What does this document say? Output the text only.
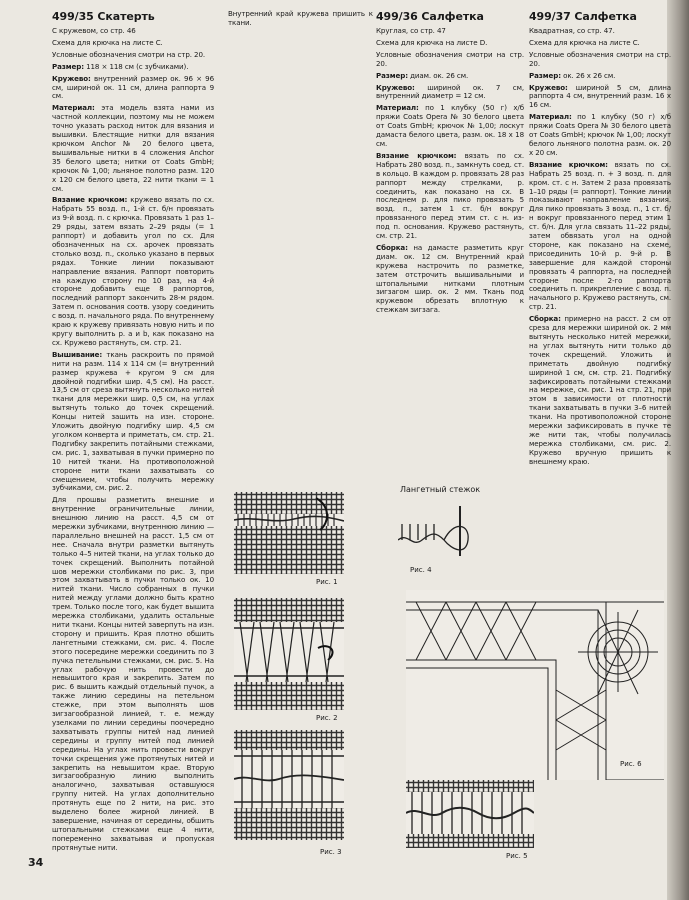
499/35 Скатерть

С кружевом, со стр. 46

Схема для крючка на листе С.

Условные обозначения смотри на стр. 20.

Размер: 118 × 118 см (с зубчиками).

Кружево: внутренний размер ок. 96 × 96 см, шириной ок. 11 см, длина раппорта 9 см.

Материал: эта модель взята нами из частной коллекции, поэтому мы не можем точно указать расход ниток для вязания и вышивки. Блестящие нитки для вязания крючком Anchor № 20 белого цвета, вышивальные нитки в 4 сложения Anchor 35 белого цвета; нитки от Coats GmbH; крючок № 1,00; льняное полотно разм. 120 х 120 см белого цвета, 22 нити ткани = 1 см.

Вязание крючком: кружево вязать по сх. Набрать 55 возд. п., 1-й ст. б/н провязать из 9-й возд. п. с крючка. Провязать 1 раз 1–29 ряды, затем вязать 2–29 ряды (= 1 раппорт) и добавить угол по сх. Для обозначенных на сх. арочек провязать столько возд. п., сколько указано в первых рядах. Тонкие линии показывают направление вязания. Раппорт повторить на каждую сторону по 10 раз, на 4-й стороне добавить еще 8 раппортов, последний раппорт закончить 28-м рядом. Затем п. основания соотв. узору соединить с возд. п. начального ряда. По внутреннему краю к кружеву привязать новую нить и по кругу выполнить р. а и b, как показано на сх. Кружево растянуть, см. стр. 21.

Вышивание: ткань раскроить по прямой нити на разм. 114 х 114 см (= внутренний размер кружева + кругом 9 см для двойной подгибки шир. 4,5 см). На расст. 13,5 см от среза вытянуть несколько нитей ткани для мережки шир. 0,5 см, на углах вытянуть только до точек скрещений. Концы нитей зашить на изн. стороне. Уложить двойную подгибку шир. 4,5 см уголком конверта и приметать, см. стр. 21. Подгибку закрепить потайными стежками, см. рис. 1, захватывая в пучки примерно по 10 нитей ткани. На противоположной стороне нити ткани захватывать со смещением, чтобы получить мережку зубчиками, см. рис. 2.

Для прошвы разметить внешние и внутренние ограничительные линии, внешнюю линию на расст. 4,5 см от мережки зубчиками, внутреннюю линию — параллельно внешней на расст. 1,5 см от нее. Сначала внутри разметки вытянуть только 4–5 нитей ткани, на углах только до точек скрещений. Выполнить потайной шов мережки столбиками по рис. 3, при этом захватывать в пучки только ок. 10 нитей ткани. Число собранных в пучки нитей между углами должно быть кратно трем. Только после того, как будет вышита мережка столбиками, удалить остальные нити ткани. Концы нитей заверпуть на изн. сторону и пришить. Края плотно обшить лангетными стежками, см. рис. 4. После этого посередине мережки соединить по 3 пучка петельными стежками, см. рис. 5. На углах рабочую нить провести до невышитого края и закрепить. Затем по рис. 6 вышить каждый отдельный пучок, а также линию середины на петельном стежке, при этом выполнять шов зигзагообразной линией, т. е. между узелками по линии середины поочередно захватывать группы нитей над линией середины и группу нитей под линией середины. На углах нить провести вокруг точки скрещения уже протянутых нитей и закрепить на невышитом крае. Вторую зигзагообразную линию выполнить аналогично, захватывая оставшуюся группу нитей. На углах дополнительно протянуть еще по 2 нити, на рис. это выделено более жирной линией. В завершение, начиная от середины, обшить штопальными стежками еще 4 нити, попеременно захватывая и пропуская протянутые нити.

Внутренний край кружева пришить к ткани.	499/36 Салфетка

Круглая, со стр. 47

Схема для крючка на листе D.

Условные обозначения смотри на стр. 20.

Размер: диам. ок. 26 см.

Кружево: шириной ок. 7 см, внутренний диаметр = 12 см.

Материал: по 1 клубку (50 г) х/б пряжи Coats Opera № 30 белого цвета от Coats GmbH; крючок № 1,00; лоскут дамаста белого цвета, разм. ок. 18 х 18 см.

Вязание крючком: вязать по сх. Набрать 280 возд. п., замкнуть соед. ст. в кольцо. В каждом р. провязать 28 раз раппорт между стрелками, р. соединить, как показано на сх. В последнем р. для пико провязать 5 возд. п., затем 1 ст. б/н вокруг провязанного перед этим ст. с н. из-под п. основания. Кружево растянуть, см. стр. 21.

Сборка: на дамасте разметить круг диам. ок. 12 см. Внутренний край кружева настрочить по разметке, затем отстрочить вышивальными и штопальными нитками плотным зигзагом шир. ок. 2 мм. Ткань под кружевом обрезать вплотную к стежкам зигзага.

499/37 Салфетка

Квадратная, со стр. 47.

Схема для крючка на листе С.

Условные обозначения смотри на стр. 20.

Размер: ок. 26 х 26 см.

Кружево: шириной 5 см, длина раппорта 4 см, внутренний разм. 16 х 16 см.

Материал: по 1 клубку (50 г) х/б пряжи Coats Opera № 30 белого цвета от Coats GmbH; крючок № 1,00; лоскут белого льняного полотна разм. ок. 20 х 20 см.

Вязание крючком: вязать по сх. Набрать 25 возд. п. + 3 возд. п. для кром. ст. с н. Затем 2 раза провязать 1–10 ряды (= раппорт). Тонкие линии показывают направление вязания. Для пико провязать 3 возд. п., 1 ст. б/н вокруг провязанного перед этим 1 ст. б/н. Для угла связать 11–22 ряды, затем обвязать угол на одной стороне, как показано на схеме, присоединить 10-й р. 9-й р. В завершение для каждой стороны провязать 4 раппорта, на последней стороне после 2-го раппорта соединить п. прикрепление с возд. п. начального р. Кружево растянуть, см. стр. 21.

Сборка: примерно на расст. 2 см от среза для мережки шириной ок. 2 мм вытянуть несколько нитей мережки, на углах вытянуть нити только до точек скрещений. Уложить и приметать двойную подгибку шириной 1 см, см. стр. 21. Подгибку зафиксировать потайными стежками на мережке, см. рис. 1 на стр. 21, при этом в зависимости от плотности ткани захватывать в пучки 3–6 нитей ткани. На противоположной стороне мережки зафиксировать в пучке те же нити так, чтобы получилась мережка столбиками, см. рис. 2. Кружево вручную пришить к внешнему краю.

Рис. 1
Рис. 2
Рис. 3
Лангетный стежок
Рис. 4
Рис. 6
Рис. 5
34
